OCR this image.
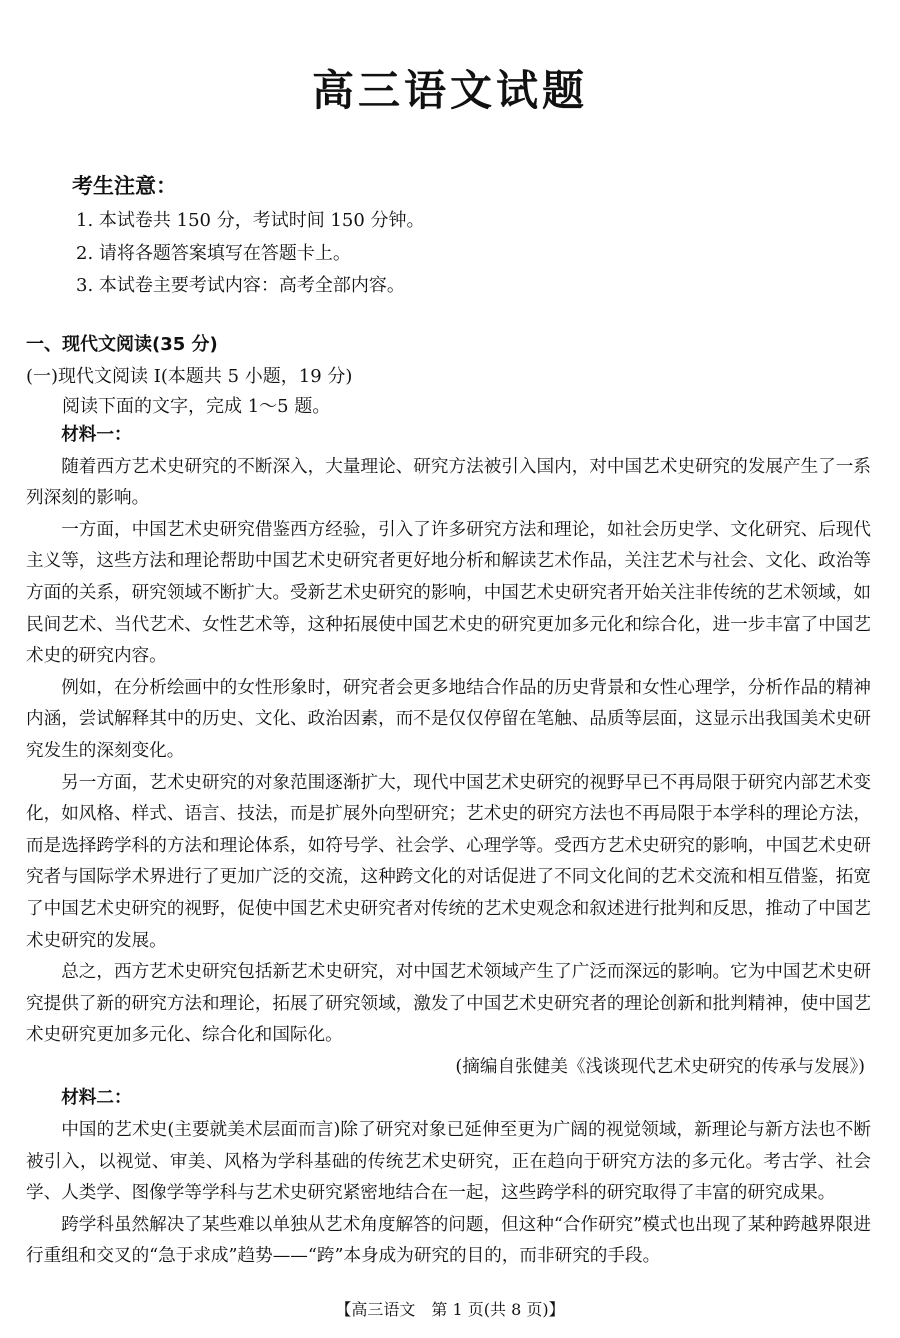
高三语文试题
考生注意：
1. 本试卷共 150 分，考试时间 150 分钟。
2. 请将各题答案填写在答题卡上。
3. 本试卷主要考试内容：高考全部内容。
一、现代文阅读(35 分)
(一)现代文阅读 Ⅰ(本题共 5 小题，19 分)
阅读下面的文字，完成 1～5 题。

材料一：

随着西方艺术史研究的不断深入，大量理论、研究方法被引入国内，对中国艺术史研究的发展产生了一系列深刻的影响。

一方面，中国艺术史研究借鉴西方经验，引入了许多研究方法和理论，如社会历史学、文化研究、后现代主义等，这些方法和理论帮助中国艺术史研究者更好地分析和解读艺术作品，关注艺术与社会、文化、政治等方面的关系，研究领域不断扩大。受新艺术史研究的影响，中国艺术史研究者开始关注非传统的艺术领域，如民间艺术、当代艺术、女性艺术等，这种拓展使中国艺术史的研究更加多元化和综合化，进一步丰富了中国艺术史的研究内容。

例如，在分析绘画中的女性形象时，研究者会更多地结合作品的历史背景和女性心理学，分析作品的精神内涵，尝试解释其中的历史、文化、政治因素，而不是仅仅停留在笔触、品质等层面，这显示出我国美术史研究发生的深刻变化。

另一方面，艺术史研究的对象范围逐渐扩大，现代中国艺术史研究的视野早已不再局限于研究内部艺术变化，如风格、样式、语言、技法，而是扩展外向型研究；艺术史的研究方法也不再局限于本学科的理论方法，而是选择跨学科的方法和理论体系，如符号学、社会学、心理学等。受西方艺术史研究的影响，中国艺术史研究者与国际学术界进行了更加广泛的交流，这种跨文化的对话促进了不同文化间的艺术交流和相互借鉴，拓宽了中国艺术史研究的视野，促使中国艺术史研究者对传统的艺术史观念和叙述进行批判和反思，推动了中国艺术史研究的发展。

总之，西方艺术史研究包括新艺术史研究，对中国艺术领域产生了广泛而深远的影响。它为中国艺术史研究提供了新的研究方法和理论，拓展了研究领域，激发了中国艺术史研究者的理论创新和批判精神，使中国艺术史研究更加多元化、综合化和国际化。

(摘编自张健美《浅谈现代艺术史研究的传承与发展》)

材料二：

中国的艺术史(主要就美术层面而言)除了研究对象已延伸至更为广阔的视觉领域，新理论与新方法也不断被引入，以视觉、审美、风格为学科基础的传统艺术史研究，正在趋向于研究方法的多元化。考古学、社会学、人类学、图像学等学科与艺术史研究紧密地结合在一起，这些跨学科的研究取得了丰富的研究成果。

跨学科虽然解决了某些难以单独从艺术角度解答的问题，但这种“合作研究”模式也出现了某种跨越界限进行重组和交叉的“急于求成”趋势——“跨”本身成为研究的目的，而非研究的手段。

【高三语文　第 1 页(共 8 页)】
